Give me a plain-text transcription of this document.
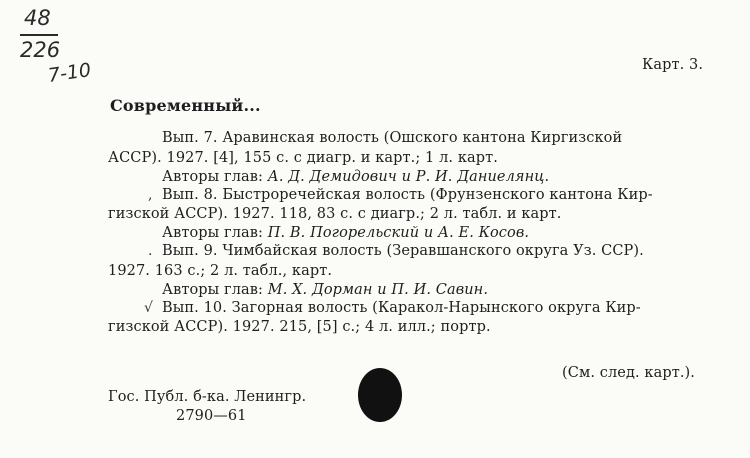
48
226
7-10	Карт. 3.
Современный...
Вып. 7. Аравинская волость (Ошского кантона Киргизской
АССР). 1927. [4], 155 с. с диагр. и карт.; 1 л. карт.
Авторы глав: А. Д. Демидович и Р. И. Даниелянц.
, Вып. 8. Быстроречейская волость (Фрунзенского кантона Кир-
гизской АССР). 1927. 118, 83 с. с диагр.; 2 л. табл. и карт.
Авторы глав: П. В. Погорельский и А. Е. Косов.
. Вып. 9. Чимбайская волость (Зеравшанского округа Уз. ССР).
1927. 163 с.; 2 л. табл., карт.
Авторы глав: М. Х. Дорман и П. И. Савин.
√ Вып. 10. Загорная волость (Каракол-Нарынского округа Кир-
гизской АССР). 1927. 215, [5] с.; 4 л. илл.; портр.
(См. след. карт.).
Гос. Публ. б-ка. Ленингр.
2790—61
